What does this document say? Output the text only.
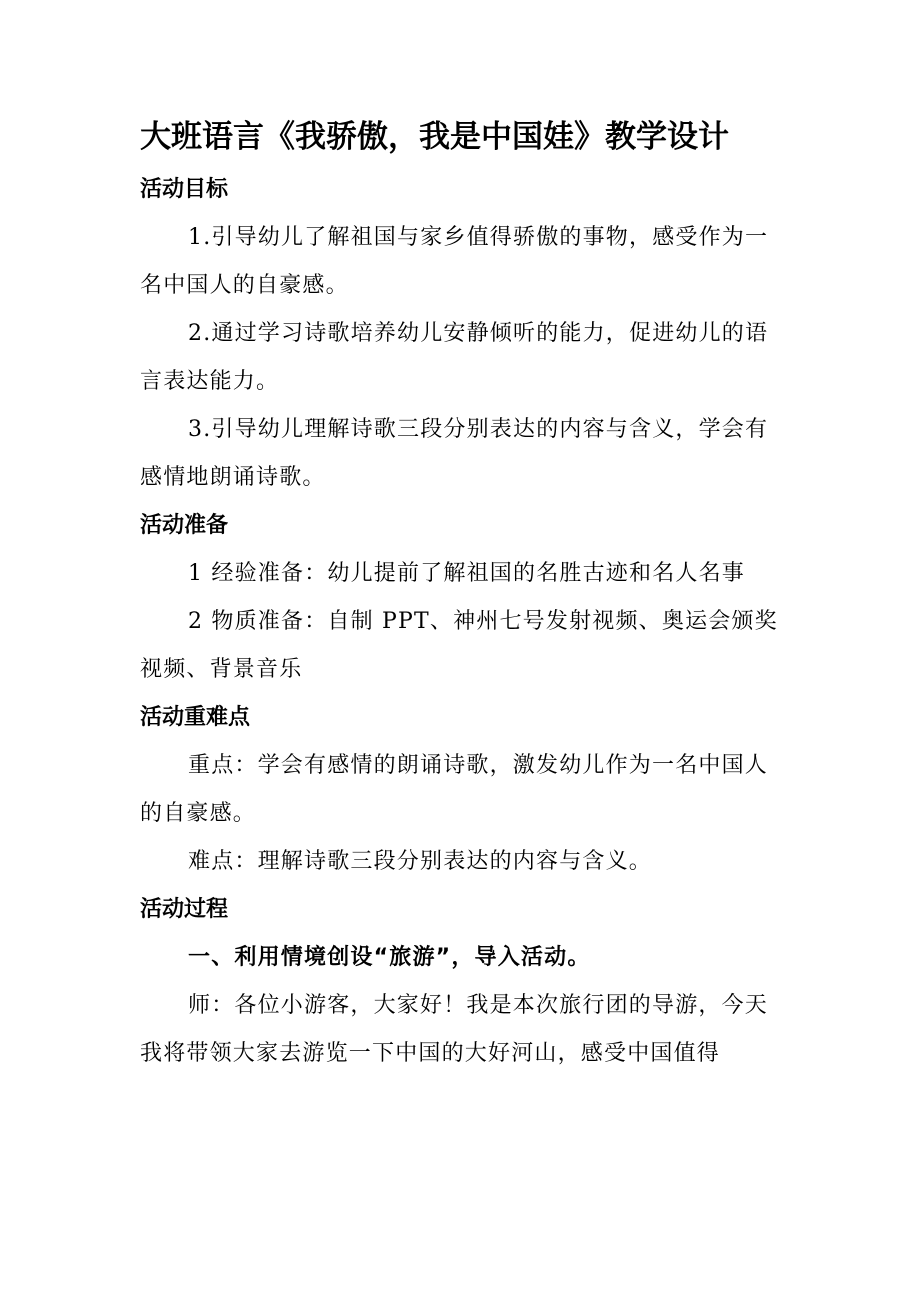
大班语言《我骄傲，我是中国娃》教学设计
活动目标

1.引导幼儿了解祖国与家乡值得骄傲的事物，感受作为一名中国人的自豪感。

2.通过学习诗歌培养幼儿安静倾听的能力，促进幼儿的语言表达能力。

3.引导幼儿理解诗歌三段分别表达的内容与含义，学会有感情地朗诵诗歌。

活动准备

1 经验准备：幼儿提前了解祖国的名胜古迹和名人名事

2 物质准备：自制 PPT、神州七号发射视频、奥运会颁奖视频、背景音乐

活动重难点

重点：学会有感情的朗诵诗歌，激发幼儿作为一名中国人的自豪感。

难点：理解诗歌三段分别表达的内容与含义。

活动过程

一、利用情境创设“旅游”，导入活动。

师：各位小游客，大家好！我是本次旅行团的导游，今天我将带领大家去游览一下中国的大好河山，感受中国值得
